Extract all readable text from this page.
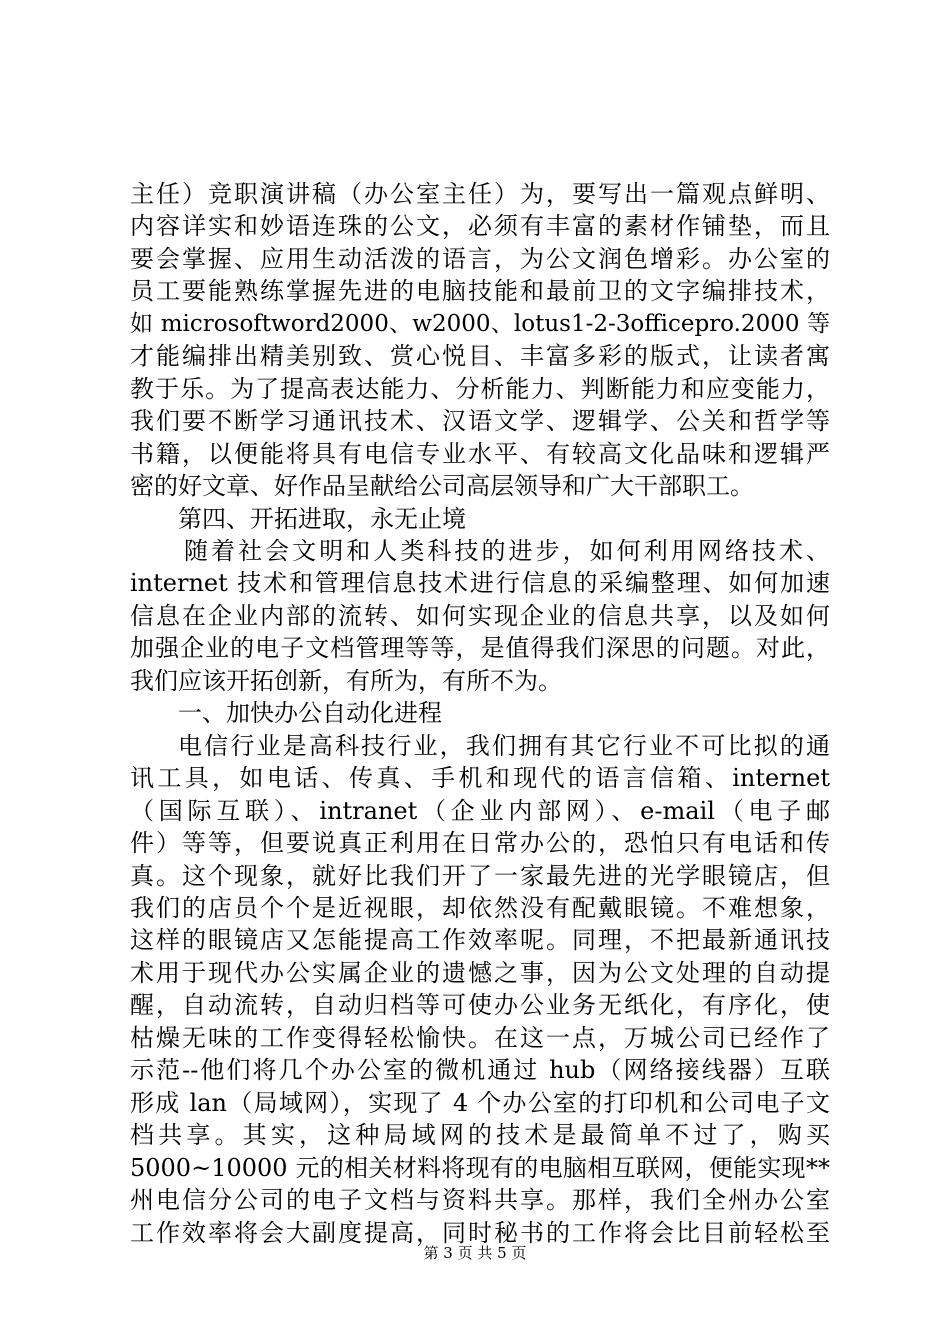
主任）竞职演讲稿（办公室主任）为，要写出一篇观点鲜明、
内容详实和妙语连珠的公文，必须有丰富的素材作铺垫，而且
要会掌握、应用生动活泼的语言，为公文润色增彩。办公室的
员工要能熟练掌握先进的电脑技能和最前卫的文字编排技术，
如 microsoftword2000、w2000、lotus1-2-3officepro.2000 等
才能编排出精美别致、赏心悦目、丰富多彩的版式，让读者寓
教于乐。为了提高表达能力、分析能力、判断能力和应变能力，
我们要不断学习通讯技术、汉语文学、逻辑学、公关和哲学等
书籍，以便能将具有电信专业水平、有较高文化品味和逻辑严
密的好文章、好作品呈献给公司高层领导和广大干部职工。
第四、开拓进取，永无止境
随着社会文明和人类科技的进步，如何利用网络技术、
internet 技术和管理信息技术进行信息的采编整理、如何加速
信息在企业内部的流转、如何实现企业的信息共享，以及如何
加强企业的电子文档管理等等，是值得我们深思的问题。对此，
我们应该开拓创新，有所为，有所不为。
一、加快办公自动化进程
电信行业是高科技行业，我们拥有其它行业不可比拟的通
讯工具，如电话、传真、手机和现代的语言信箱、internet
（国际互联）、intranet（企业内部网）、e-mail（电子邮
件）等等，但要说真正利用在日常办公的，恐怕只有电话和传
真。这个现象，就好比我们开了一家最先进的光学眼镜店，但
我们的店员个个是近视眼，却依然没有配戴眼镜。不难想象，
这样的眼镜店又怎能提高工作效率呢。同理，不把最新通讯技
术用于现代办公实属企业的遗憾之事，因为公文处理的自动提
醒，自动流转，自动归档等可使办公业务无纸化，有序化，使
枯燥无味的工作变得轻松愉快。在这一点，万城公司已经作了
示范--他们将几个办公室的微机通过 hub（网络接线器）互联
形成 lan（局域网），实现了 4 个办公室的打印机和公司电子文
档共享。其实，这种局域网的技术是最简单不过了，购买
5000~10000 元的相关材料将现有的电脑相互联网，便能实现**
州电信分公司的电子文档与资料共享。那样，我们全州办公室
工作效率将会大副度提高，同时秘书的工作将会比目前轻松至
第 3 页 共 5 页
